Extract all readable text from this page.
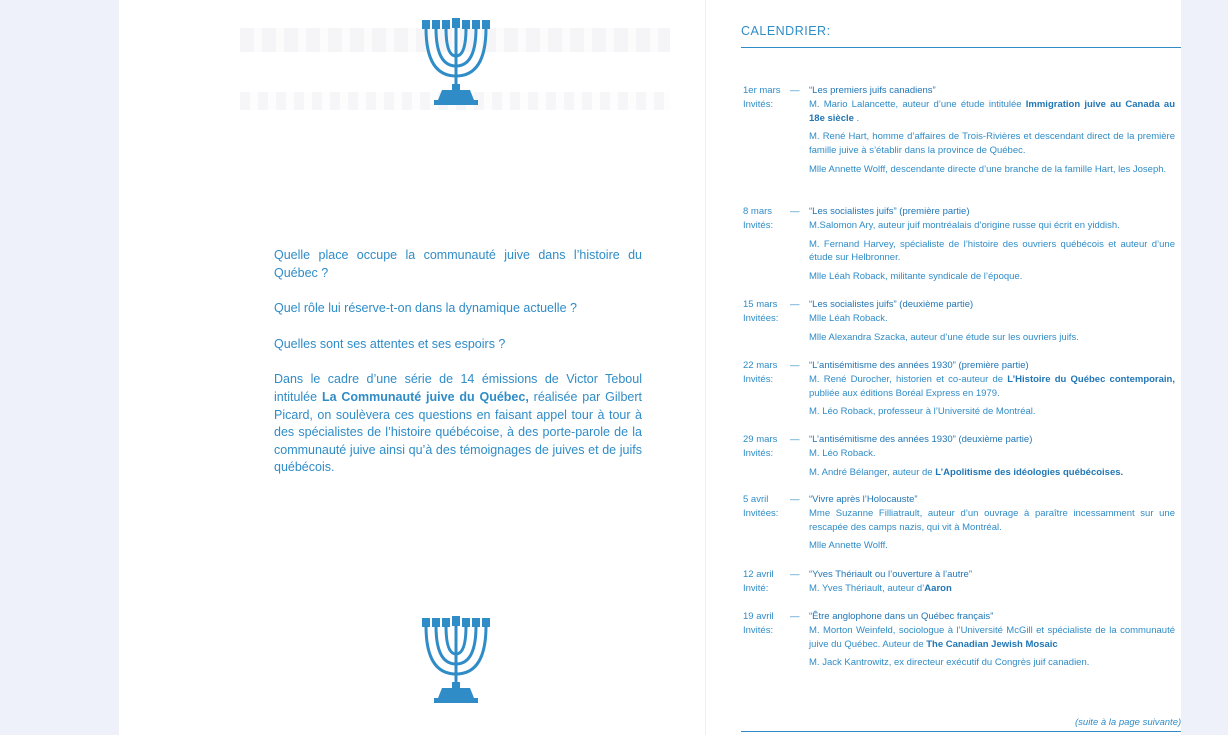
Quelle place occupe la communauté juive dans l’histoire du Québec ?

Quel rôle lui réserve-t-on dans la dynamique actuelle ?

Quelles sont ses attentes et ses espoirs ?

Dans le cadre d’une série de 14 émissions de Victor Teboul intitulée La Communauté juive du Québec, réalisée par Gilbert Picard, on soulèvera ces questions en faisant appel tour à tour à des spécialistes de l’histoire québécoise, à des porte-parole de la communauté juive ainsi qu’à des témoignages de juives et de juifs québécois.

CALENDRIER:
1er mars —
Invités:
“Les premiers juifs canadiens”
M. Mario Lalancette, auteur d’une étude intitulée Immigration juive au Canada au 18e siècle .
M. René Hart, homme d’affaires de Trois-Rivières et descendant direct de la première famille juive à s’établir dans la province de Québec.
Mlle Annette Wolff, descendante directe d’une branche de la famille Hart, les Joseph.
8 mars —
Invités:
“Les socialistes juifs” (première partie)
M.Salomon Ary, auteur juif montréalais d’origine russe qui écrit en yiddish.
M. Fernand Harvey, spécialiste de l’histoire des ouvriers québécois et auteur d’une étude sur Helbronner.
Mlle Léah Roback, militante syndicale de l’époque.
15 mars —
Invitées:
“Les socialistes juifs” (deuxième partie)
Mlle Léah Roback.
Mlle Alexandra Szacka, auteur d’une étude sur les ouvriers juifs.
22 mars —
Invités:
“L’antisémitisme des années 1930” (première partie)
M. René Durocher, historien et co-auteur de L’Histoire du Québec contemporain, publiée aux éditions Boréal Express en 1979.
M. Léo Roback, professeur à l’Université de Montréal.
29 mars —
Invités:
“L’antisémitisme des années 1930” (deuxième partie)
M. Léo Roback.
M. André Bélanger, auteur de L’Apolitisme des idéologies québécoises.
5 avril —
Invitées:
“Vivre après l’Holocauste”
Mme Suzanne Filliatrault, auteur d’un ouvrage à paraître incessamment sur une rescapée des camps nazis, qui vit à Montréal.
Mlle Annette Wolff.
12 avril —
Invité:
“Yves Thériault ou l’ouverture à l’autre”
M. Yves Thériault, auteur d’Aaron
19 avril —
Invités:
“Être anglophone dans un Québec français”
M. Morton Weinfeld, sociologue à l’Université McGill et spécialiste de la communauté juive du Québec. Auteur de The Canadian Jewish Mosaic
M. Jack Kantrowitz, ex directeur exécutif du Congrès juif canadien.
(suite à la page suivante)
